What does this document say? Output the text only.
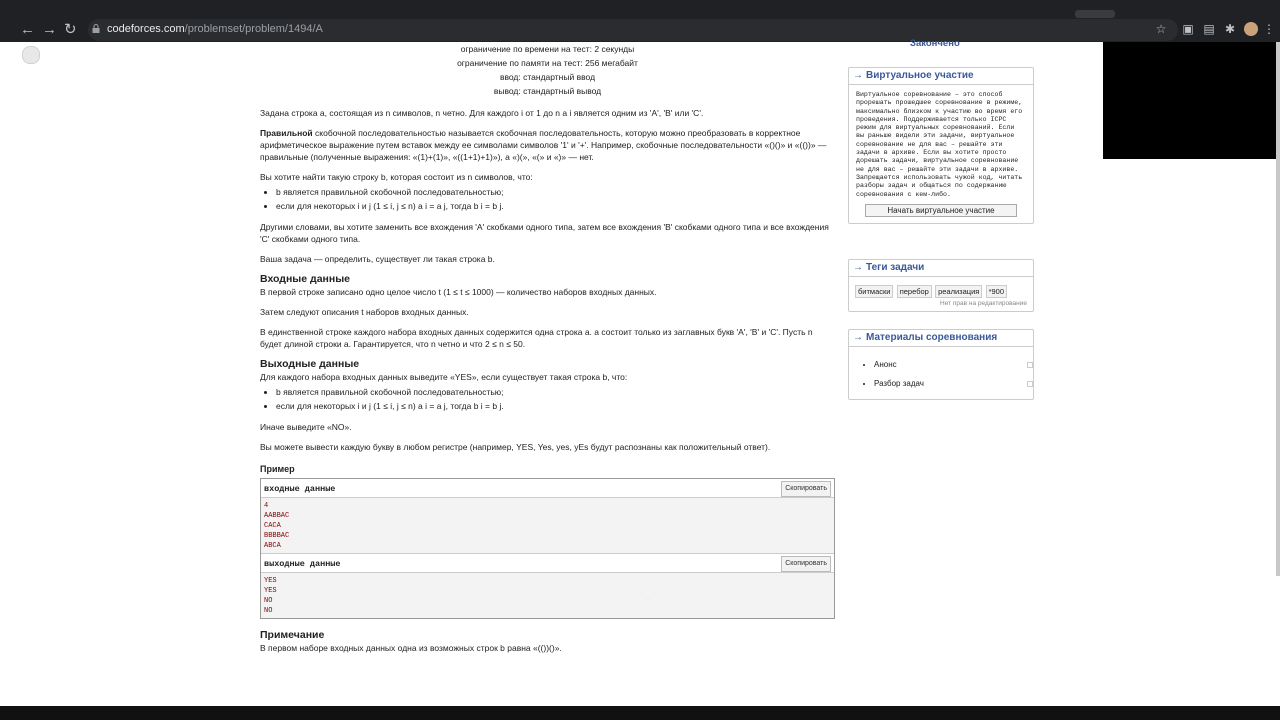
← → ↻	codeforces.com/problemset/problem/1494/A	☆ ▣ ▤ ✱ ⋮
ограничение по времени на тест: 2 секунды
ограничение по памяти на тест: 256 мегабайт
ввод: стандартный ввод
вывод: стандартный вывод

Задана строка a, состоящая из n символов, n четно. Для каждого i от 1 до n a i является одним из 'A', 'B' или 'C'.

Правильной скобочной последовательностью называется скобочная последовательность, которую можно преобразовать в корректное арифметическое выражение путем вставок между ее символами символов '1' и '+'. Например, скобочные последовательности «()()» и «(())» — правильные (полученные выражения: «(1)+(1)», «((1+1)+1)»), а «)(», «(» и «)» — нет.

Вы хотите найти такую строку b, которая состоит из n символов, что:

• b является правильной скобочной последовательностью;
• если для некоторых i и j (1 ≤ i, j ≤ n) a i = a j, тогда b i = b j.

Другими словами, вы хотите заменить все вхождения 'A' скобками одного типа, затем все вхождения 'B' скобками одного типа и все вхождения 'C' скобками одного типа.

Ваша задача — определить, существует ли такая строка b.

Входные данные

В первой строке записано одно целое число t (1 ≤ t ≤ 1000) — количество наборов входных данных.

Затем следуют описания t наборов входных данных.

В единственной строке каждого набора входных данных содержится одна строка a. a состоит только из заглавных букв 'A', 'B' и 'C'. Пусть n будет длиной строки a. Гарантируется, что n четно и что 2 ≤ n ≤ 50.

Выходные данные

Для каждого набора входных данных выведите «YES», если существует такая строка b, что:

• b является правильной скобочной последовательностью;
• если для некоторых i и j (1 ≤ i, j ≤ n) a i = a j, тогда b i = b j.

Иначе выведите «NO».

Вы можете вывести каждую букву в любом регистре (например, YES, Yes, yes, yEs будут распознаны как положительный ответ).

Пример
входные данные	Скопировать
4
AABBAC
CACA
BBBBAC
ABCA
выходные данные	Скопировать
YES
YES
NO
NO
Примечание

В первом наборе входных данных одна из возможных строк b равна «(())()».

Журнал субтитров
Закончено
→ Виртуальное участие
Виртуальное соревнование – это способ прорешать прошедшее соревнование в режиме, максимально близком к участию во время его проведения. Поддерживается только ICPC режим для виртуальных соревнований. Если вы раньше видели эти задачи, виртуальное соревнование не для вас – решайте эти задачи в архиве. Если вы хотите просто дорешать задачи, виртуальное соревнование не для вас – решайте эти задачи в архиве. Запрещается использовать чужой код, читать разборы задач и общаться по содержанию соревнования с кем-либо.
Начать виртуальное участие
→ Теги задачи
битмаски перебор реализация *900
Нет прав на редактирование
→ Материалы соревнования
• Анонс
• Разбор задач
